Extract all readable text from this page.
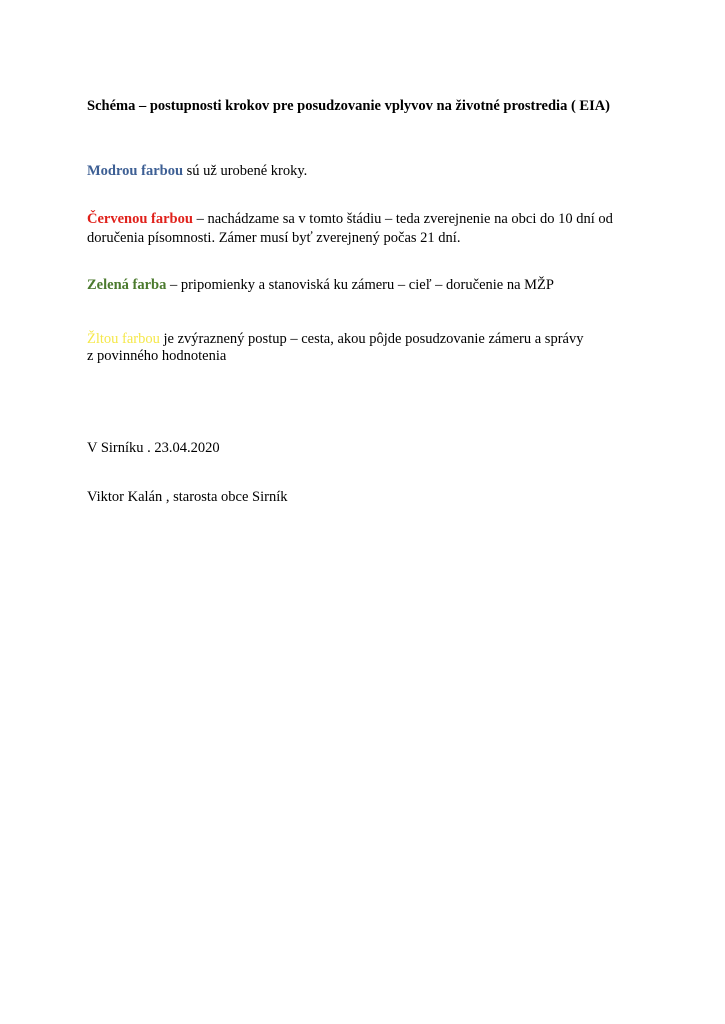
Schéma – postupnosti krokov pre posudzovanie vplyvov na životné prostredia ( EIA)
Modrou farbou sú už urobené kroky.
Červenou farbou – nachádzame sa v tomto štádiu – teda zverejnenie na obci do 10 dní od
doručenia písomnosti. Zámer musí byť zverejnený počas 21 dní.
Zelená farba – pripomienky a stanoviská ku zámeru – cieľ – doručenie na MŽP
Žltou farbou je zvýraznený postup – cesta, akou pôjde posudzovanie zámeru a správy
z povinného hodnotenia
V Sirníku . 23.04.2020
Viktor Kalán , starosta obce Sirník
